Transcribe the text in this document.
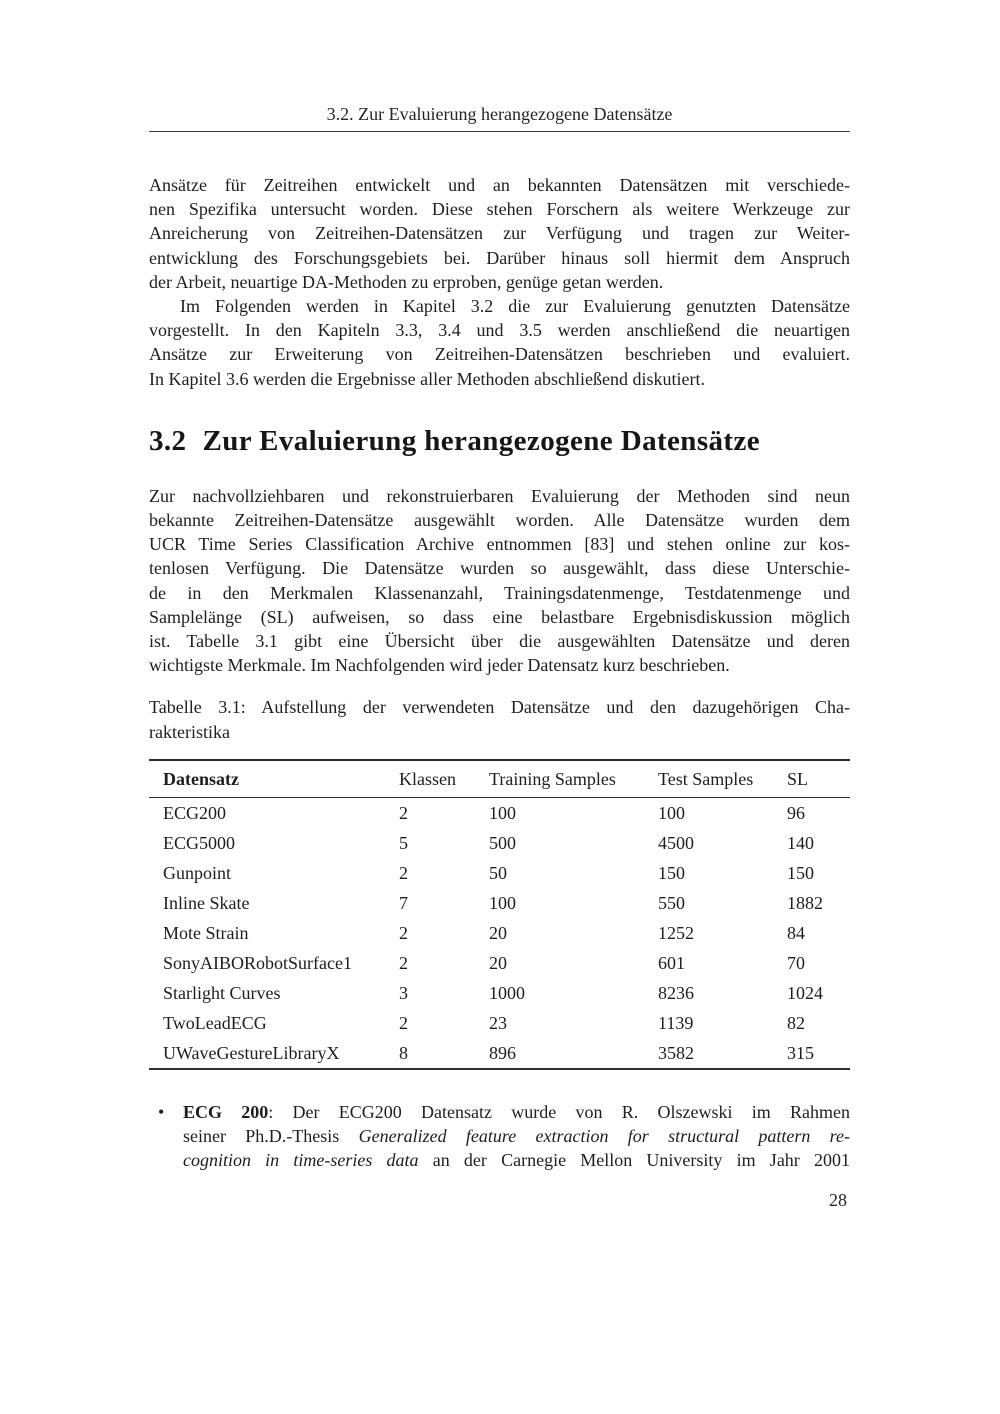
3.2. Zur Evaluierung herangezogene Datensätze
Ansätze für Zeitreihen entwickelt und an bekannten Datensätzen mit verschiede-
nen Spezifika untersucht worden. Diese stehen Forschern als weitere Werkzeuge zur
Anreicherung von Zeitreihen-Datensätzen zur Verfügung und tragen zur Weiter-
entwicklung des Forschungsgebiets bei. Darüber hinaus soll hiermit dem Anspruch
der Arbeit, neuartige DA-Methoden zu erproben, genüge getan werden.
Im Folgenden werden in Kapitel 3.2 die zur Evaluierung genutzten Datensätze
vorgestellt. In den Kapiteln 3.3, 3.4 und 3.5 werden anschließend die neuartigen
Ansätze zur Erweiterung von Zeitreihen-Datensätzen beschrieben und evaluiert.
In Kapitel 3.6 werden die Ergebnisse aller Methoden abschließend diskutiert.
3.2 Zur Evaluierung herangezogene Datensätze
Zur nachvollziehbaren und rekonstruierbaren Evaluierung der Methoden sind neun
bekannte Zeitreihen-Datensätze ausgewählt worden. Alle Datensätze wurden dem
UCR Time Series Classification Archive entnommen [83] und stehen online zur kos-
tenlosen Verfügung. Die Datensätze wurden so ausgewählt, dass diese Unterschie-
de in den Merkmalen Klassenanzahl, Trainingsdatenmenge, Testdatenmenge und
Samplelänge (SL) aufweisen, so dass eine belastbare Ergebnisdiskussion möglich
ist. Tabelle 3.1 gibt eine Übersicht über die ausgewählten Datensätze und deren
wichtigste Merkmale. Im Nachfolgenden wird jeder Datensatz kurz beschrieben.
Tabelle 3.1: Aufstellung der verwendeten Datensätze und den dazugehörigen Cha-
rakteristika
Datensatz	Klassen	Training Samples	Test Samples	SL
ECG200	2	100	100	96
ECG5000	5	500	4500	140
Gunpoint	2	50	150	150
Inline Skate	7	100	550	1882
Mote Strain	2	20	1252	84
SonyAIBORobotSurface1	2	20	601	70
Starlight Curves	3	1000	8236	1024
TwoLeadECG	2	23	1139	82
UWaveGestureLibraryX	8	896	3582	315
•	ECG 200: Der ECG200 Datensatz wurde von R. Olszewski im Rahmen
seiner Ph.D.-Thesis Generalized feature extraction for structural pattern re-
cognition in time-series data an der Carnegie Mellon University im Jahr 2001
28
